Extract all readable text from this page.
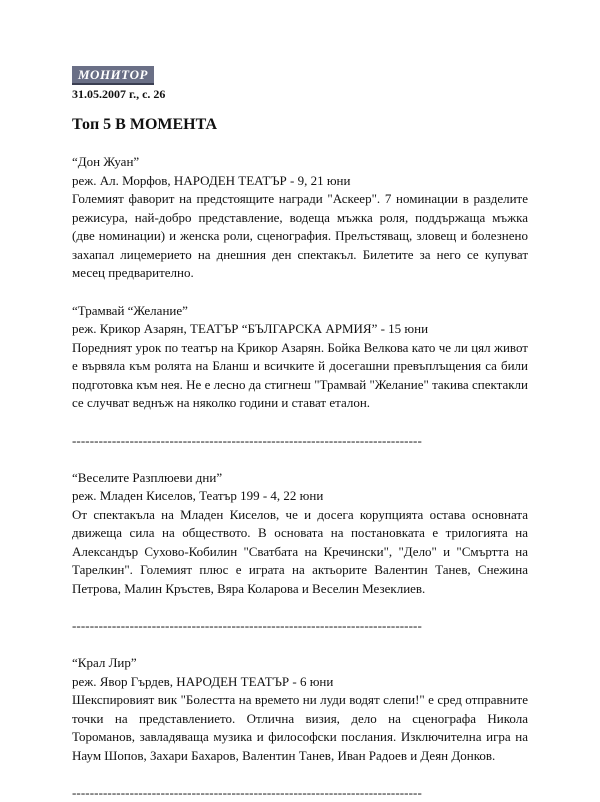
МОНИТОР
31.05.2007 г., с. 26
Топ 5 В МОМЕНТА
“Дон Жуан”
реж. Ал. Морфов, НАРОДЕН ТЕАТЪР - 9, 21 юни
Големият фаворит на предстоящите награди "Аскеер". 7 номинации в разделите режисура, най-добро представление, водеща мъжка роля, поддържаща мъжка (две номинации) и женска роли, сценография. Прелъстяващ, зловещ и болезнено захапал лицемерието на днешния ден спектакъл. Билетите за него се купуват месец предварително.
“Трамвай “Желание”
реж. Крикор Азарян, ТЕАТЪР “БЪЛГАРСКА АРМИЯ” - 15 юни
Поредният урок по театър на Крикор Азарян. Бойка Велкова като че ли цял живот е вървяла към ролята на Бланш и всичките й досегашни превъплъщения са били подготовка към нея. Не е лесно да стигнеш "Трамвай "Желание" такива спектакли се случват веднъж на няколко години и стават еталон.
-------------------------------------------------------------------------------
“Веселите Разплюеви дни”
реж. Младен Киселов, Театър 199 - 4, 22 юни
От спектакъла на Младен Киселов, че и досега корупцията остава основната движеща сила на обществото. В основата на постановката е трилогията на Александър Сухово-Кобилин "Сватбата на Кречински", "Дело" и "Смъртта на Тарелкин". Големият плюс е играта на актьорите Валентин Танев, Снежина Петрова, Малин Кръстев, Вяра Коларова и Веселин Мезеклиев.
-------------------------------------------------------------------------------
“Крал Лир”
реж. Явор Гърдев, НАРОДЕН ТЕАТЪР - 6 юни
Шекспировият вик "Болестта на времето ни луди водят слепи!" е сред отправните точки на представлението. Отлична визия, дело на сценографа Никола Тороманов, завладяваща музика и философски послания. Изключителна игра на Наум Шопов, Захари Бахаров, Валентин Танев, Иван Радоев и Деян Донков.
-------------------------------------------------------------------------------
